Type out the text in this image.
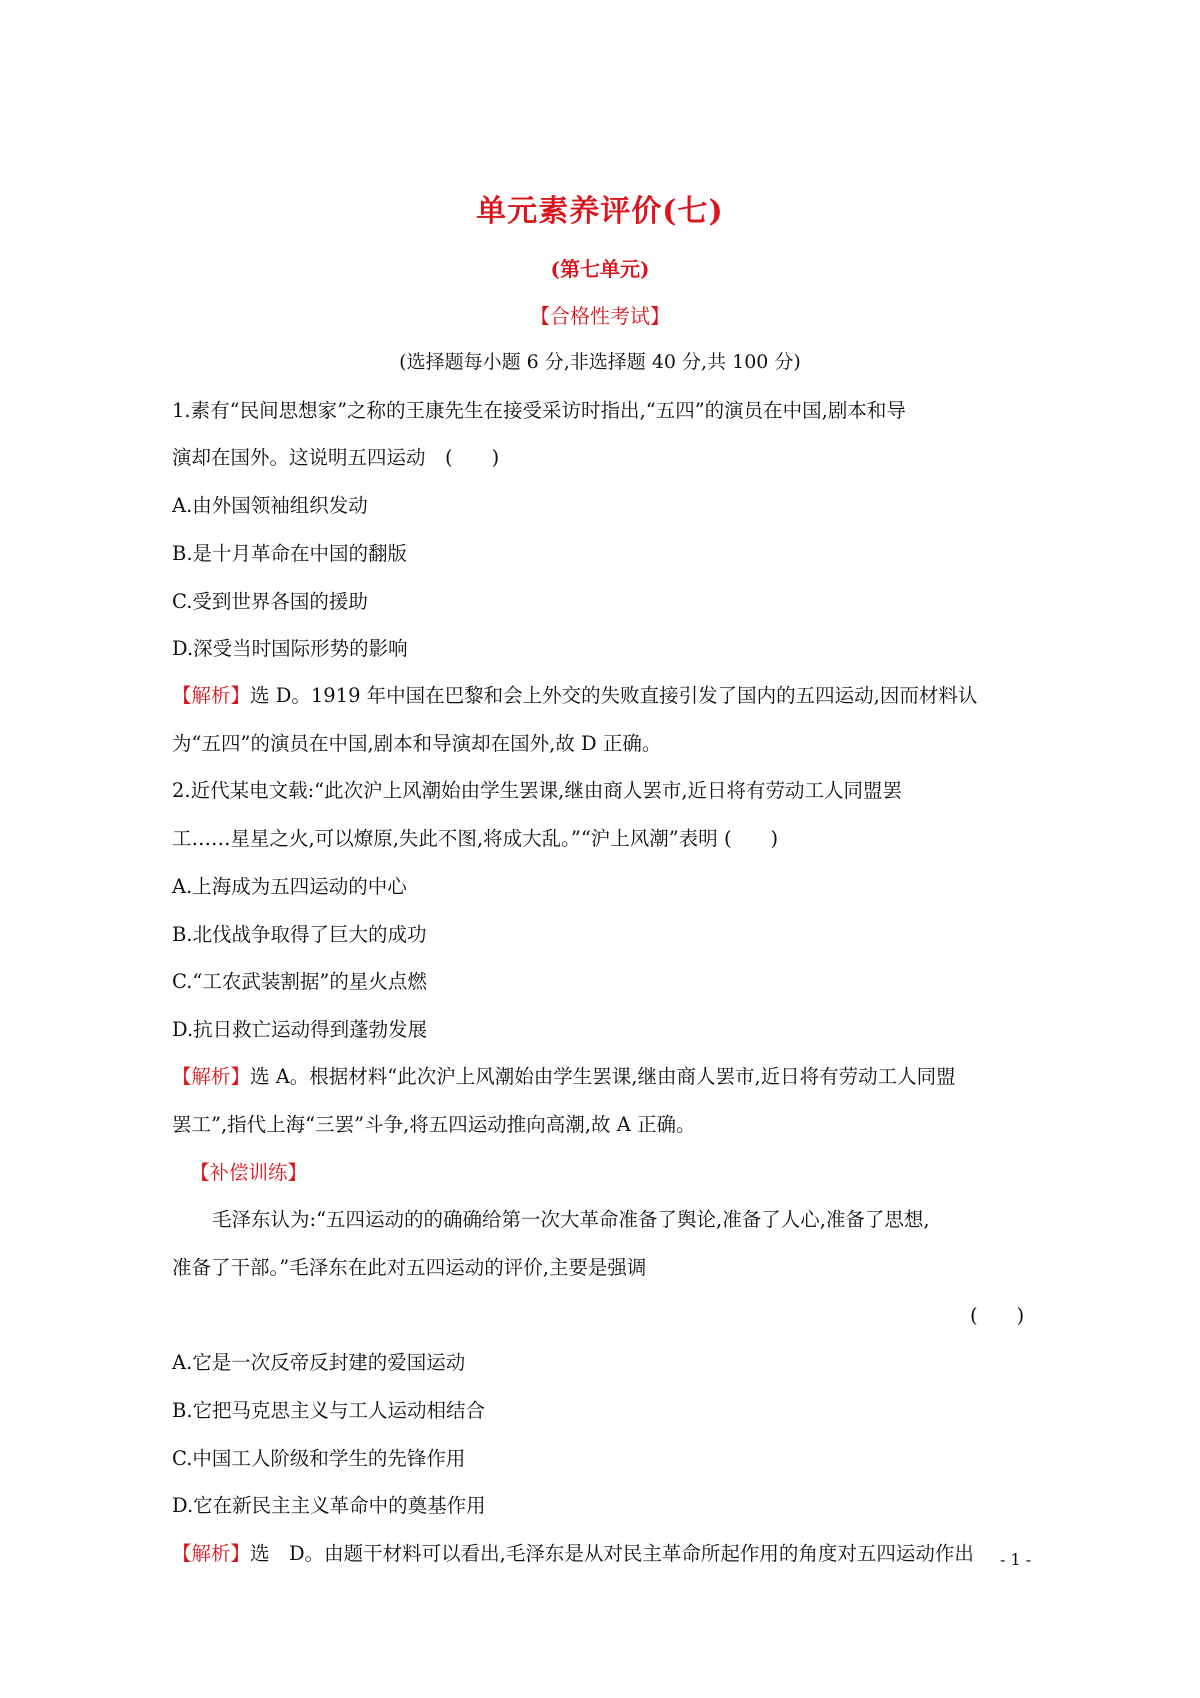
单元素养评价(七)
(第七单元)
【合格性考试】
(选择题每小题 6 分,非选择题 40 分,共 100 分)
1.素有“民间思想家”之称的王康先生在接受采访时指出,“五四”的演员在中国,剧本和导
演却在国外。这说明五四运动　(　　)
A.由外国领袖组织发动
B.是十月革命在中国的翻版
C.受到世界各国的援助
D.深受当时国际形势的影响
【解析】选 D。1919 年中国在巴黎和会上外交的失败直接引发了国内的五四运动,因而材料认
为“五四”的演员在中国,剧本和导演却在国外,故 D 正确。
2.近代某电文载:“此次沪上风潮始由学生罢课,继由商人罢市,近日将有劳动工人同盟罢
工……星星之火,可以燎原,失此不图,将成大乱。”“沪上风潮”表明 (　　)
A.上海成为五四运动的中心
B.北伐战争取得了巨大的成功
C.“工农武装割据”的星火点燃
D.抗日救亡运动得到蓬勃发展
【解析】选 A。根据材料“此次沪上风潮始由学生罢课,继由商人罢市,近日将有劳动工人同盟
罢工”,指代上海“三罢”斗争,将五四运动推向高潮,故 A 正确。
【补偿训练】
毛泽东认为:“五四运动的的确确给第一次大革命准备了舆论,准备了人心,准备了思想,
准备了干部。”毛泽东在此对五四运动的评价,主要是强调
(　　)
A.它是一次反帝反封建的爱国运动
B.它把马克思主义与工人运动相结合
C.中国工人阶级和学生的先锋作用
D.它在新民主主义革命中的奠基作用
【解析】选　D。由题干材料可以看出,毛泽东是从对民主革命所起作用的角度对五四运动作出	- 1 -
